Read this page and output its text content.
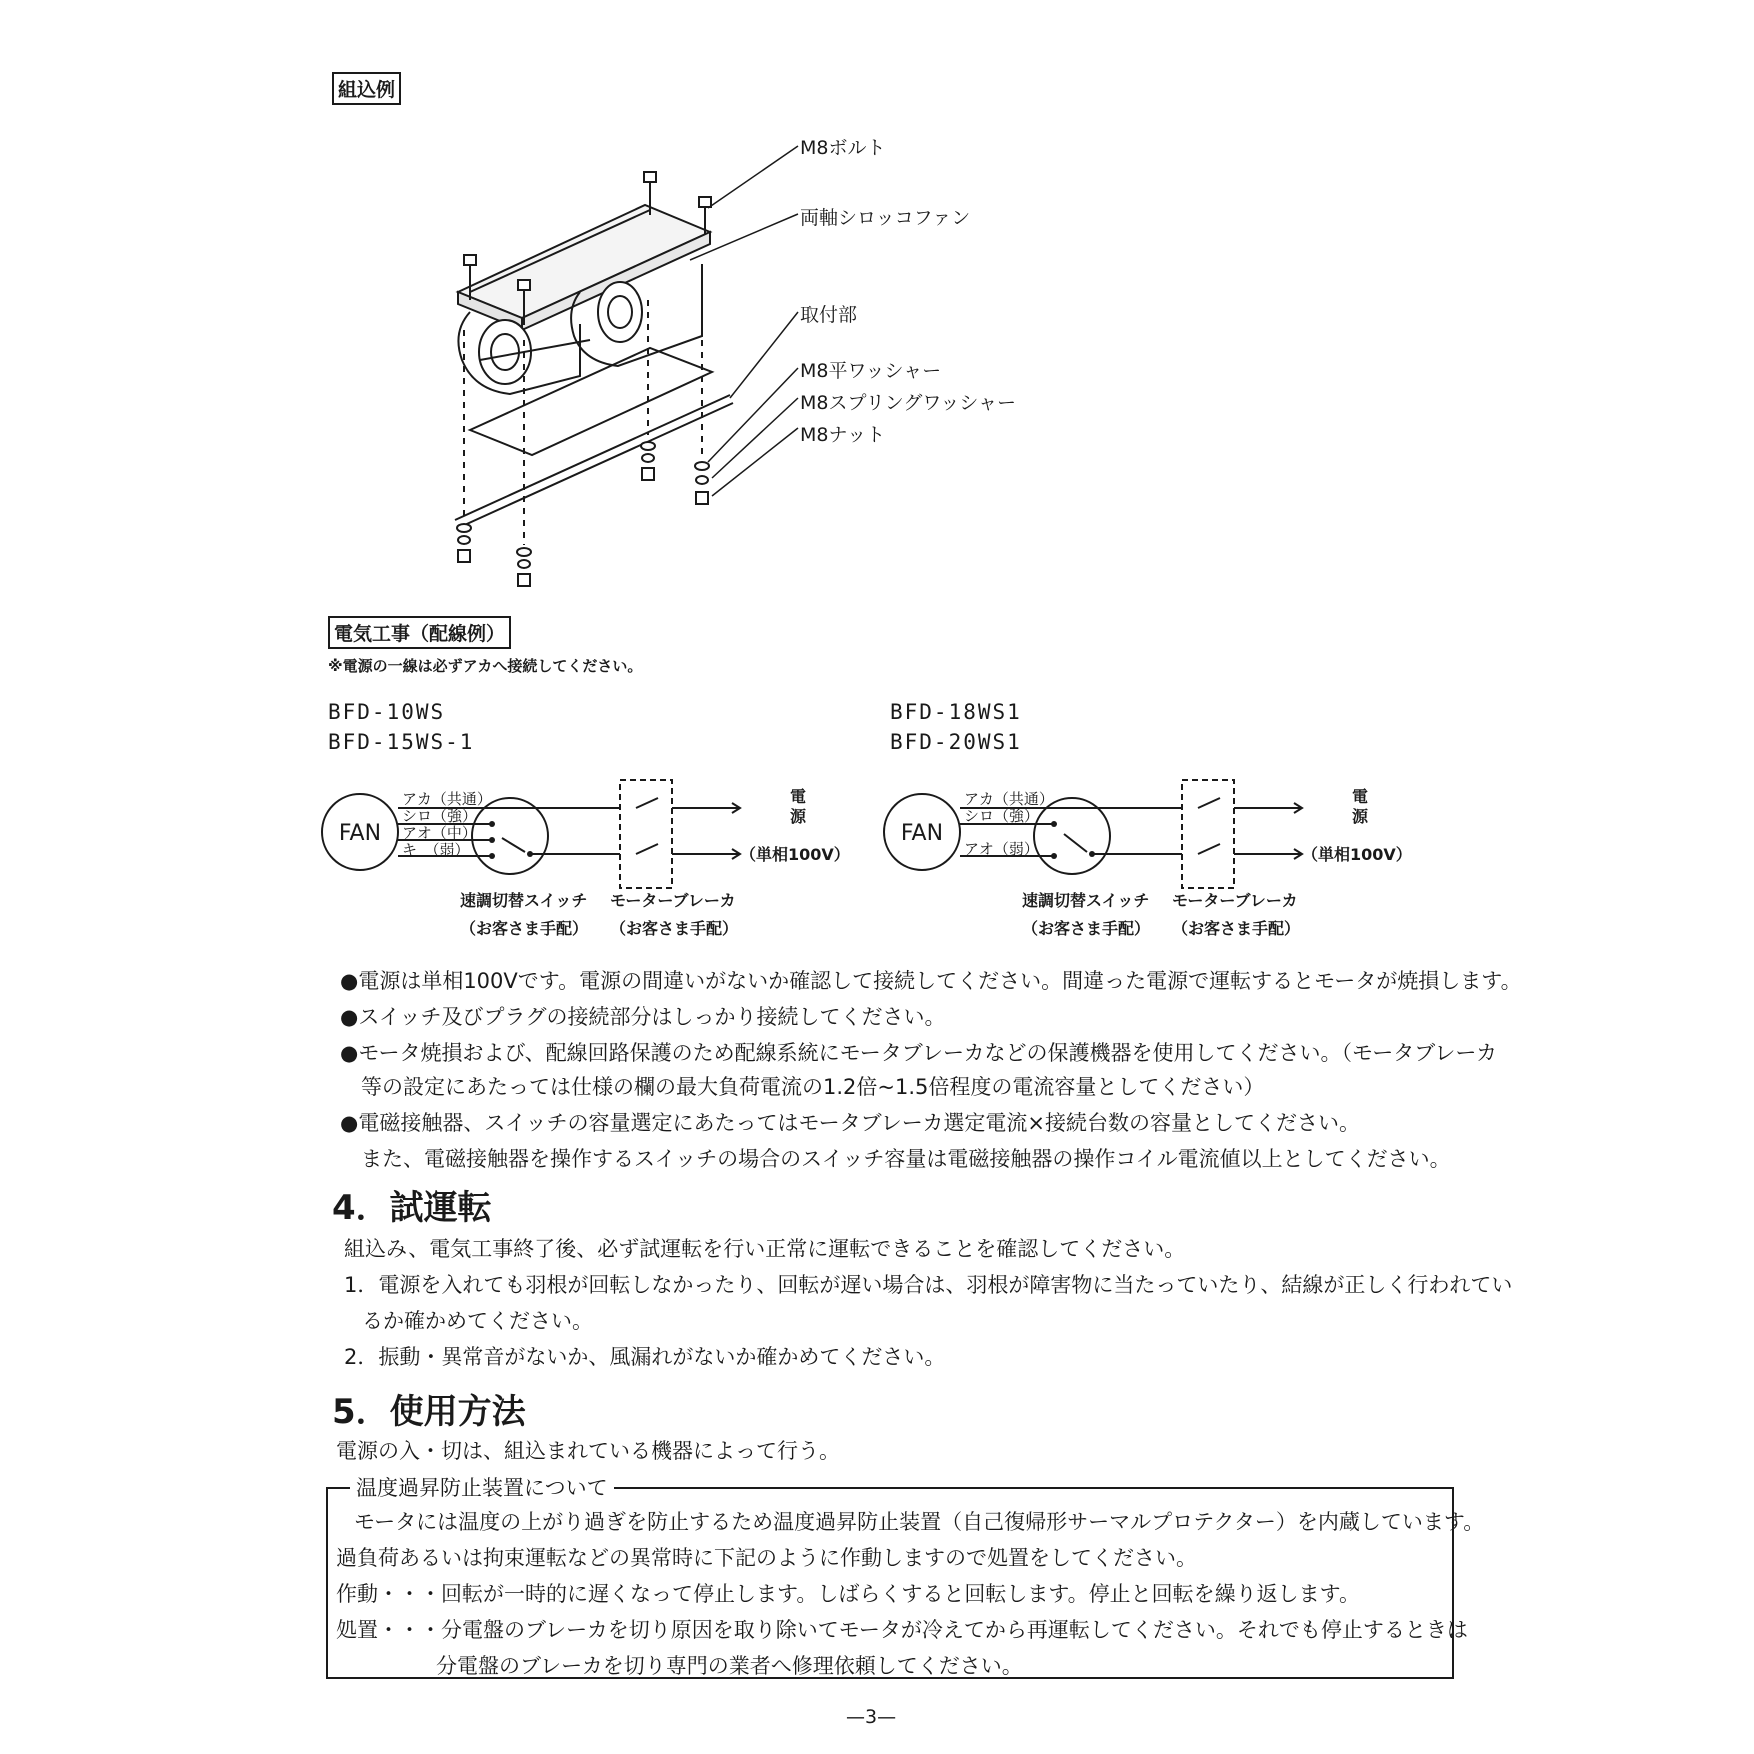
組込例
M8ボルト
両軸シロッコファン
取付部
M8平ワッシャー
M8スプリングワッシャー
M8ナット
電気工事（配線例）
※電源の一線は必ずアカへ接続してください。
BFD-10WS
BFD-15WS-1
BFD-18WS1
BFD-20WS1
FAN
アカ（共通）
シロ（強）
アオ（中）
キ　（弱）
電
源
（単相100V）
速調切替スイッチ モーターブレーカ
（お客さま手配） （お客さま手配）
FAN
アカ（共通）
シロ（強）
アオ（弱）
電
源
（単相100V）
速調切替スイッチ モーターブレーカ
（お客さま手配） （お客さま手配）
●電源は単相100Vです。電源の間違いがないか確認して接続してください。間違った電源で運転するとモータが焼損します。
●スイッチ及びプラグの接続部分はしっかり接続してください。
●モータ焼損および、配線回路保護のため配線系統にモータブレーカなどの保護機器を使用してください。（モータブレーカ
　等の設定にあたっては仕様の欄の最大負荷電流の1.2倍~1.5倍程度の電流容量としてください）
●電磁接触器、スイッチの容量選定にあたってはモータブレーカ選定電流×接続台数の容量としてください。
　また、電磁接触器を操作するスイッチの場合のスイッチ容量は電磁接触器の操作コイル電流値以上としてください。
4．試運転
組込み、電気工事終了後、必ず試運転を行い正常に運転できることを確認してください。
1．電源を入れても羽根が回転しなかったり、回転が遅い場合は、羽根が障害物に当たっていたり、結線が正しく行われてい
るか確かめてください。
2．振動・異常音がないか、風漏れがないか確かめてください。
5．使用方法
電源の入・切は、組込まれている機器によって行う。
温度過昇防止装置について
モータには温度の上がり過ぎを防止するため温度過昇防止装置（自己復帰形サーマルプロテクター）を内蔵しています。
過負荷あるいは拘束運転などの異常時に下記のように作動しますので処置をしてください。
作動・・・回転が一時的に遅くなって停止します。しばらくすると回転します。停止と回転を繰り返します。
処置・・・分電盤のブレーカを切り原因を取り除いてモータが冷えてから再運転してください。それでも停止するときは
分電盤のブレーカを切り専門の業者へ修理依頼してください。
—3—
